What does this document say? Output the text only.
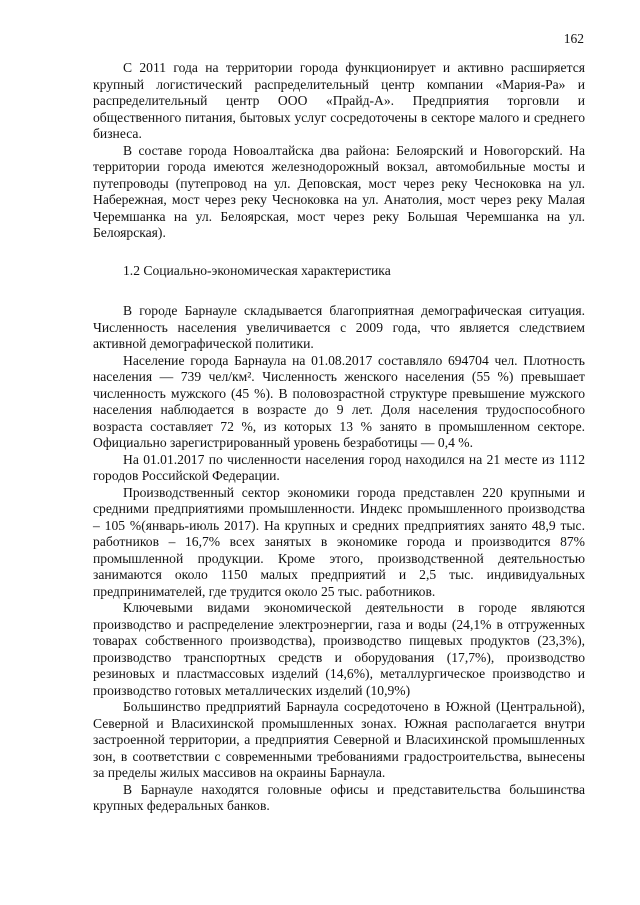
162

С 2011 года на территории города функционирует и активно расширяется крупный логистический распределительный центр компании «Мария-Ра» и распределительный центр ООО «Прайд-А». Предприятия торговли и общественного питания, бытовых услуг сосредоточены в секторе малого и среднего бизнеса.

В составе города Новоалтайска два района: Белоярский и Новогорский. На территории города имеются железнодорожный вокзал, автомобильные мосты и путепроводы (путепровод на ул. Деповская, мост через реку Чесноковка на ул. Набережная, мост через реку Чесноковка на ул. Анатолия, мост через реку Малая Черемшанка на ул. Белоярская, мост через реку Большая Черемшанка на ул. Белоярская).

1.2 Социально-экономическая характеристика

В городе Барнауле складывается благоприятная демографическая ситуация. Численность населения увеличивается с 2009 года, что является следствием активной демографической политики.

Население города Барнаула на 01.08.2017 составляло 694704 чел. Плотность населения — 739 чел/км². Численность женского населения (55 %) превышает численность мужского (45 %). В половозрастной структуре превышение мужского населения наблюдается в возрасте до 9 лет. Доля населения трудоспособного возраста составляет 72 %, из которых 13 % занято в промышленном секторе. Официально зарегистрированный уровень безработицы — 0,4 %.

На 01.01.2017 по численности населения город находился на 21 месте из 1112 городов Российской Федерации.

Производственный сектор экономики города представлен 220 крупными и средними предприятиями промышленности. Индекс промышленного производства – 105 %(январь-июль 2017). На крупных и средних предприятиях занято 48,9 тыс. работников – 16,7% всех занятых в экономике города и производится 87% промышленной продукции. Кроме этого, производственной деятельностью занимаются около 1150 малых предприятий и 2,5 тыс. индивидуальных предпринимателей, где трудится около 25 тыс. работников.

Ключевыми видами экономической деятельности в городе являются производство и распределение электроэнергии, газа и воды (24,1% в отгруженных товарах собственного производства), производство пищевых продуктов (23,3%), производство транспортных средств и оборудования (17,7%), производство резиновых и пластмассовых изделий (14,6%), металлургическое производство и производство готовых металлических изделий (10,9%)

Большинство предприятий Барнаула сосредоточено в Южной (Центральной), Северной и Власихинской промышленных зонах. Южная располагается внутри застроенной территории, а предприятия Северной и Власихинской промышленных зон, в соответствии с современными требованиями градостроительства, вынесены за пределы жилых массивов на окраины Барнаула.

В Барнауле находятся головные офисы и представительства большинства крупных федеральных банков.
